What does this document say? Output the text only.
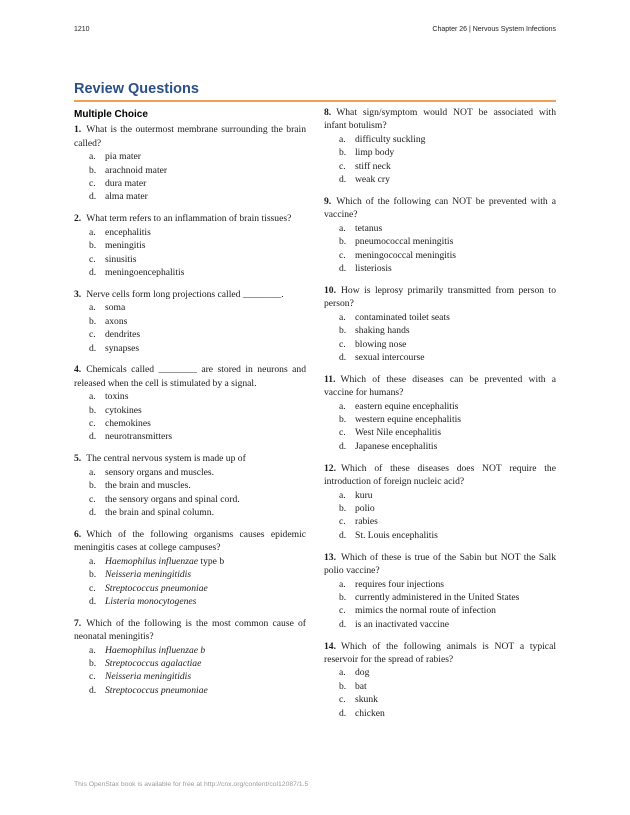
1210	Chapter 26 | Nervous System Infections
Review Questions
Multiple Choice

1. What is the outermost membrane surrounding the brain called?

a. pia mater
b. arachnoid mater
c. dura mater
d. alma mater

2. What term refers to an inflammation of brain tissues?

a. encephalitis
b. meningitis
c. sinusitis
d. meningoencephalitis

3. Nerve cells form long projections called ________.

a. soma
b. axons
c. dendrites
d. synapses

4. Chemicals called ________ are stored in neurons and released when the cell is stimulated by a signal.

a. toxins
b. cytokines
c. chemokines
d. neurotransmitters

5. The central nervous system is made up of

a. sensory organs and muscles.
b. the brain and muscles.
c. the sensory organs and spinal cord.
d. the brain and spinal column.

6. Which of the following organisms causes epidemic meningitis cases at college campuses?

a. Haemophilus influenzae type b
b. Neisseria meningitidis
c. Streptococcus pneumoniae
d. Listeria monocytogenes

7. Which of the following is the most common cause of neonatal meningitis?

a. Haemophilus influenzae b
b. Streptococcus agalactiae
c. Neisseria meningitidis
d. Streptococcus pneumoniae

8. What sign/symptom would NOT be associated with infant botulism?

a. difficulty suckling
b. limp body
c. stiff neck
d. weak cry

9. Which of the following can NOT be prevented with a vaccine?

a. tetanus
b. pneumococcal meningitis
c. meningococcal meningitis
d. listeriosis

10. How is leprosy primarily transmitted from person to person?

a. contaminated toilet seats
b. shaking hands
c. blowing nose
d. sexual intercourse

11. Which of these diseases can be prevented with a vaccine for humans?

a. eastern equine encephalitis
b. western equine encephalitis
c. West Nile encephalitis
d. Japanese encephalitis

12. Which of these diseases does NOT require the introduction of foreign nucleic acid?

a. kuru
b. polio
c. rabies
d. St. Louis encephalitis

13. Which of these is true of the Sabin but NOT the Salk polio vaccine?

a. requires four injections
b. currently administered in the United States
c. mimics the normal route of infection
d. is an inactivated vaccine

14. Which of the following animals is NOT a typical reservoir for the spread of rabies?

a. dog
b. bat
c. skunk
d. chicken
This OpenStax book is available for free at http://cnx.org/content/col12087/1.5
